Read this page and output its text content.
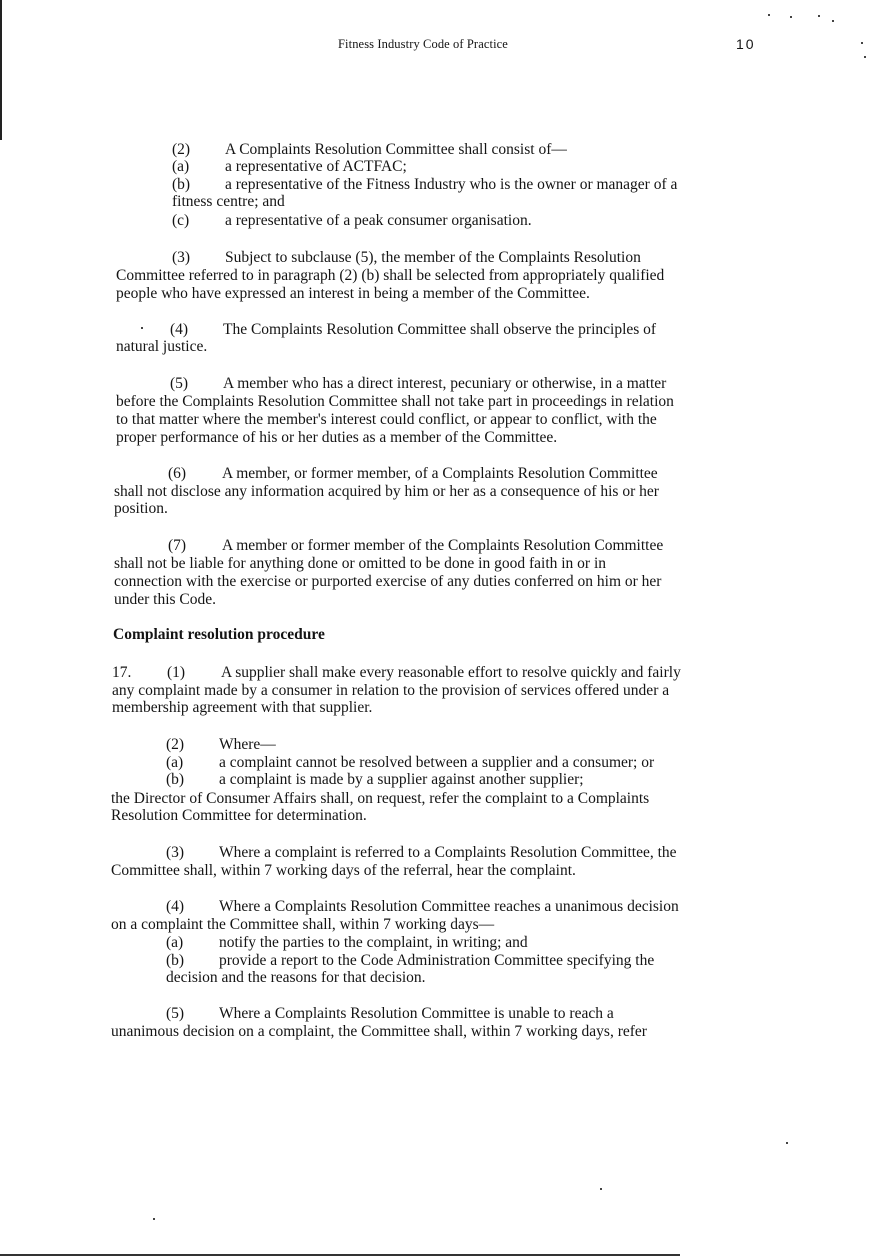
Fitness Industry Code of Practice	10
(2) A Complaints Resolution Committee shall consist of—
(a) a representative of ACTFAC;
(b) a representative of the Fitness Industry who is the owner or manager of a
fitness centre; and
(c) a representative of a peak consumer organisation.
(3) Subject to subclause (5), the member of the Complaints Resolution
Committee referred to in paragraph (2) (b) shall be selected from appropriately qualified
people who have expressed an interest in being a member of the Committee.
(4) The Complaints Resolution Committee shall observe the principles of
natural justice.
(5) A member who has a direct interest, pecuniary or otherwise, in a matter
before the Complaints Resolution Committee shall not take part in proceedings in relation
to that matter where the member's interest could conflict, or appear to conflict, with the
proper performance of his or her duties as a member of the Committee.
(6) A member, or former member, of a Complaints Resolution Committee
shall not disclose any information acquired by him or her as a consequence of his or her
position.
(7) A member or former member of the Complaints Resolution Committee
shall not be liable for anything done or omitted to be done in good faith in or in
connection with the exercise or purported exercise of any duties conferred on him or her
under this Code.
Complaint resolution procedure
17. (1) A supplier shall make every reasonable effort to resolve quickly and fairly
any complaint made by a consumer in relation to the provision of services offered under a
membership agreement with that supplier.
(2) Where—
(a) a complaint cannot be resolved between a supplier and a consumer; or
(b) a complaint is made by a supplier against another supplier;
the Director of Consumer Affairs shall, on request, refer the complaint to a Complaints
Resolution Committee for determination.
(3) Where a complaint is referred to a Complaints Resolution Committee, the
Committee shall, within 7 working days of the referral, hear the complaint.
(4) Where a Complaints Resolution Committee reaches a unanimous decision
on a complaint the Committee shall, within 7 working days—
(a) notify the parties to the complaint, in writing; and
(b) provide a report to the Code Administration Committee specifying the
decision and the reasons for that decision.
(5) Where a Complaints Resolution Committee is unable to reach a
unanimous decision on a complaint, the Committee shall, within 7 working days, refer
